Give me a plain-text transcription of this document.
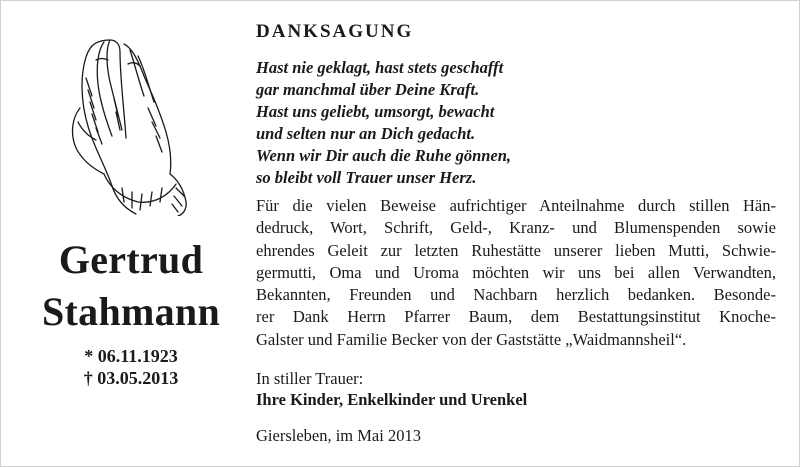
Gertrud
Stahmann
* 06.11.1923
† 03.05.2013
DANKSAGUNG
Hast nie geklagt, hast stets geschafft
gar manchmal über Deine Kraft.
Hast uns geliebt, umsorgt, bewacht
und selten nur an Dich gedacht.
Wenn wir Dir auch die Ruhe gönnen,
so bleibt voll Trauer unser Herz.
Für die vielen Beweise aufrichtiger Anteilnahme durch stillen Hän-
dedruck, Wort, Schrift, Geld-, Kranz- und Blumenspenden sowie
ehrendes Geleit zur letzten Ruhestätte unserer lieben Mutti, Schwie-
germutti, Oma und Uroma möchten wir uns bei allen Verwandten,
Bekannten, Freunden und Nachbarn herzlich bedanken. Besonde-
rer Dank Herrn Pfarrer Baum, dem Bestattungsinstitut Knoche-
Galster und Familie Becker von der Gaststätte „Waidmannsheil“.
In stiller Trauer:
Ihre Kinder, Enkelkinder und Urenkel
Giersleben, im Mai 2013
